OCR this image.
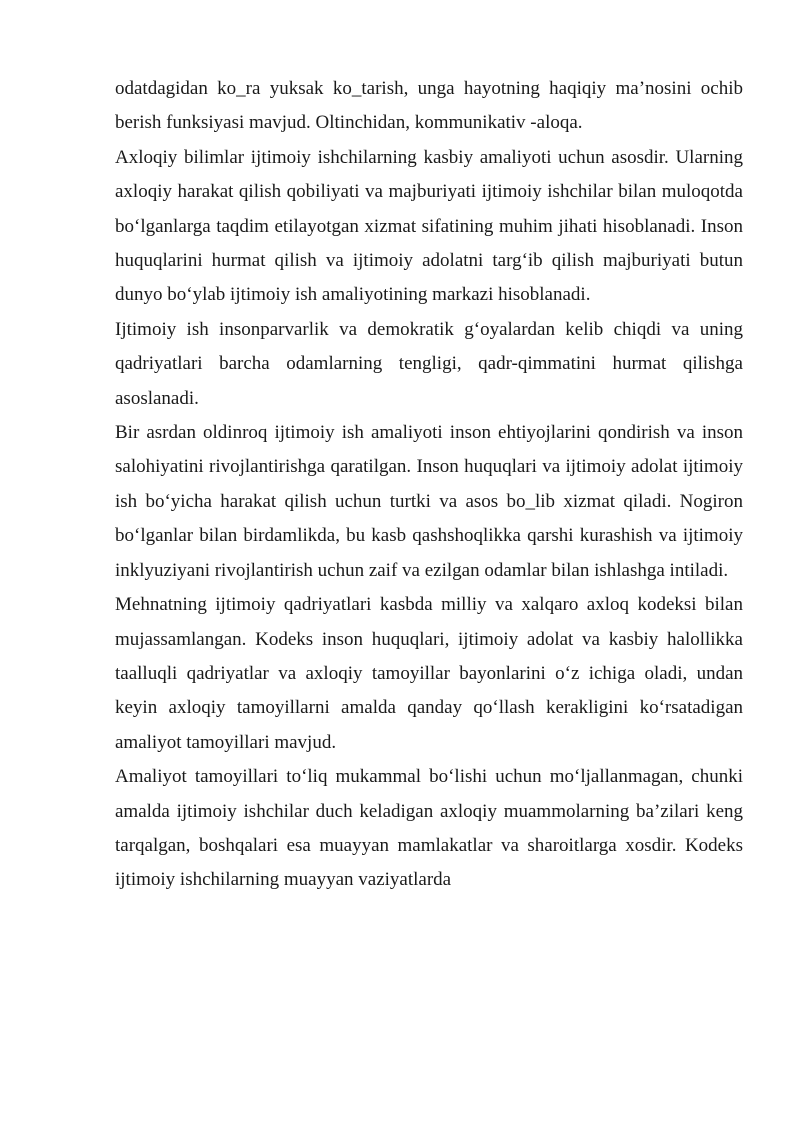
odatdagidan ko_ra yuksak ko_tarish, unga hayotning haqiqiy ma’nosini ochib berish funksiyasi mavjud. Oltinchidan, kommunikativ -aloqa.

Axloqiy bilimlar ijtimoiy ishchilarning kasbiy amaliyoti uchun asosdir. Ularning axloqiy harakat qilish qobiliyati va majburiyati ijtimoiy ishchilar bilan muloqotda bo‘lganlarga taqdim etilayotgan xizmat sifatining muhim jihati hisoblanadi. Inson huquqlarini hurmat qilish va ijtimoiy adolatni targ‘ib qilish majburiyati butun dunyo bo‘ylab ijtimoiy ish amaliyotining markazi hisoblanadi.

Ijtimoiy ish insonparvarlik va demokratik g‘oyalardan kelib chiqdi va uning qadriyatlari barcha odamlarning tengligi, qadr-qimmatini hurmat qilishga asoslanadi.

Bir asrdan oldinroq ijtimoiy ish amaliyoti inson ehtiyojlarini qondirish va inson salohiyatini rivojlantirishga qaratilgan. Inson huquqlari va ijtimoiy adolat ijtimoiy ish bo‘yicha harakat qilish uchun turtki va asos bo_lib xizmat qiladi. Nogiron bo‘lganlar bilan birdamlikda, bu kasb qashshoqlikka qarshi kurashish va ijtimoiy inklyuziyani rivojlantirish uchun zaif va ezilgan odamlar bilan ishlashga intiladi.

Mehnatning ijtimoiy qadriyatlari kasbda milliy va xalqaro axloq kodeksi bilan mujassamlangan. Kodeks inson huquqlari, ijtimoiy adolat va kasbiy halollikka taalluqli qadriyatlar va axloqiy tamoyillar bayonlarini o‘z ichiga oladi, undan keyin axloqiy tamoyillarni amalda qanday qo‘llash kerakligini ko‘rsatadigan amaliyot tamoyillari mavjud.

Amaliyot tamoyillari to‘liq mukammal bo‘lishi uchun mo‘ljallanmagan, chunki amalda ijtimoiy ishchilar duch keladigan axloqiy muammolarning ba’zilari keng tarqalgan, boshqalari esa muayyan mamlakatlar va sharoitlarga xosdir. Kodeks ijtimoiy ishchilarning muayyan vaziyatlarda
